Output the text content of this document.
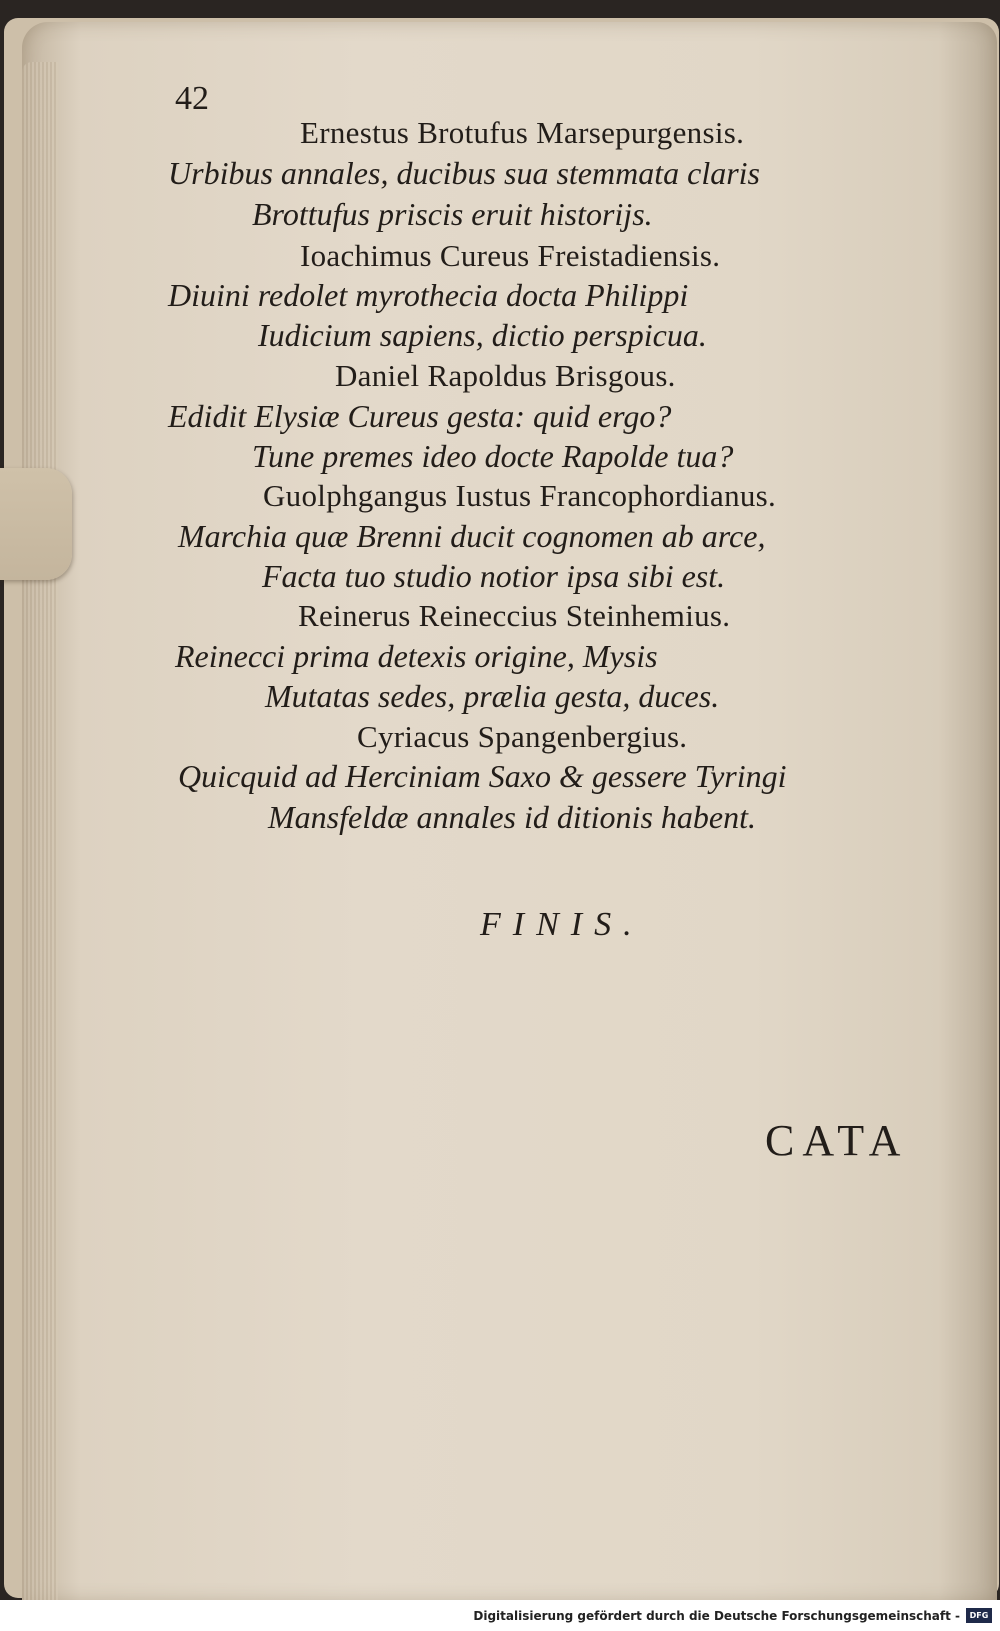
42
Ernestus Brotufus Marsepurgensis.
Urbibus annales, ducibus sua stemmata claris
Brottufus priscis eruit historijs.
Ioachimus Cureus Freistadiensis.
Diuini redolet myrothecia docta Philippi
Iudicium sapiens, dictio perspicua.
Daniel Rapoldus Brisgous.
Edidit Elysiæ Cureus gesta: quid ergo?
Tune premes ideo docte Rapolde tua?
Guolphgangus Iustus Francophordianus.
Marchia quæ Brenni ducit cognomen ab arce,
Facta tuo studio notior ipsa sibi est.
Reinerus Reineccius Steinhemius.
Reinecci prima detexis origine, Mysis
Mutatas sedes, prælia gesta, duces.
Cyriacus Spangenbergius.
Quicquid ad Herciniam Saxo & gessere Tyringi
Mansfeldæ annales id ditionis habent.
FINIS.
CATA
Digitalisierung gefördert durch die Deutsche Forschungsgemeinschaft -	DFG
